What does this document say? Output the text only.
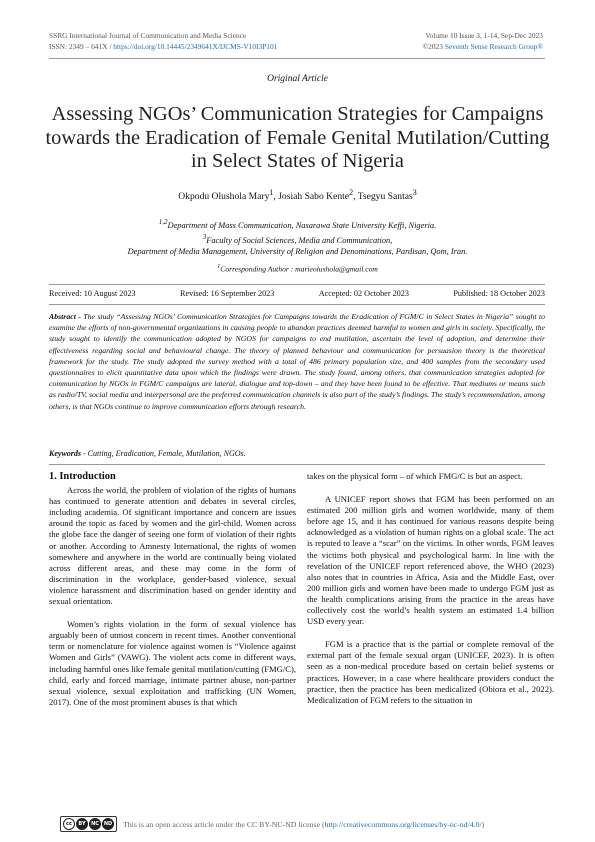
SSRG International Journal of Communication and Media Science
ISSN: 2349 – 641X / https://doi.org/10.14445/2349641X/IJCMS-V10I3P101
Volume 10 Issue 3, 1-14, Sep-Dec 2023
©2023 Seventh Sense Research Group®
Original Article
Assessing NGOs’ Communication Strategies for Campaigns towards the Eradication of Female Genital Mutilation/Cutting in Select States of Nigeria
Okpodu Olushola Mary$^1$, Josiah Sabo Kente$^2$, Tsegyu Santas$^3$
$^{1,2}$Department of Mass Communication, Nasarawa State University Keffi, Nigeria.
$^3$Faculty of Social Sciences, Media and Communication,
Department of Media Management, University of Religion and Denominations, Pardisan, Qom, Iran.
$^1$Corresponding Author : marieolushola@gmail.com
Received: 10 August 2023	Revised: 16 September 2023	Accepted: 02 October 2023	Published: 18 October 2023
Abstract - The study “Assessing NGOs’ Communication Strategies for Campaigns towards the Eradication of FGM/C in Select States in Nigeria” sought to examine the efforts of non-governmental organizations in causing people to abandon practices deemed harmful to women and girls in society. Specifically, the study sought to identify the communication adopted by NGOS for campaigns to end mutilation, ascertain the level of adoption, and determine their effectiveness regarding social and behavioural change. The theory of planned behaviour and communication for persuasion theory is the theoretical framework for the study. The study adopted the survey method with a total of 486 primary population size, and 400 samples from the secondary used questionnaires to elicit quantitative data upon which the findings were drawn. The study found, among others, that communication strategies adopted for communication by NGOs in FGM/C campaigns are lateral, dialogue and top-down – and they have been found to be effective. That mediums or means such as radio/TV, social media and interpersonal are the preferred communication channels is also part of the study’s findings. The study’s recommendation, among others, is that NGOs continue to improve communication efforts through research.
Keywords - Cutting, Eradication, Female, Mutilation, NGOs.
1. Introduction

Across the world, the problem of violation of the rights of humans has continued to generate attention and debates in several circles, including academia. Of significant importance and concern are issues around the topic as faced by women and the girl-child. Women across the globe face the danger of seeing one form of violation of their rights or another. According to Amnesty International, the rights of women somewhere and anywhere in the world are continually being violated across different areas, and these may come in the form of discrimination in the workplace, gender-based violence, sexual violence harassment and discrimination based on gender identity and sexual orientation.

Women’s rights violation in the form of sexual violence has arguably been of utmost concern in recent times. Another conventional term or nomenclature for violence against women is “Violence against Women and Girls” (VAWG). The violent acts come in different ways, including harmful ones like female genital mutilation/cutting (FMG/C), child, early and forced marriage, intimate partner abuse, non-partner sexual violence, sexual exploitation and trafficking (UN Women, 2017). One of the most prominent abuses is that which

takes on the physical form – of which FMG/C is but an aspect.

A UNICEF report shows that FGM has been performed on an estimated 200 million girls and women worldwide, many of them before age 15, and it has continued for various reasons despite being acknowledged as a violation of human rights on a global scale. The act is reputed to leave a “scar” on the victims. In other words, FGM leaves the victims both physical and psychological harm. In line with the revelation of the UNICEF report referenced above, the WHO (2023) also notes that in countries in Africa, Asia and the Middle East, over 200 million girls and women have been made to undergo FGM just as the health complications arising from the practice in the areas have collectively cost the world’s health system an estimated 1.4 billion USD every year.

FGM is a practice that is the partial or complete removal of the external part of the female sexual organ (UNICEF, 2023). It is often seen as a non-medical procedure based on certain belief systems or practices. However, in a case where healthcare providers conduct the practice, then the practice has been medicalized (Obiora et al., 2022). Medicalization of FGM refers to the situation in

cc	BY	NC ND This is an open access article under the CC BY-NC-ND license (http://creativecommons.org/licenses/by-nc-nd/4.0/)
